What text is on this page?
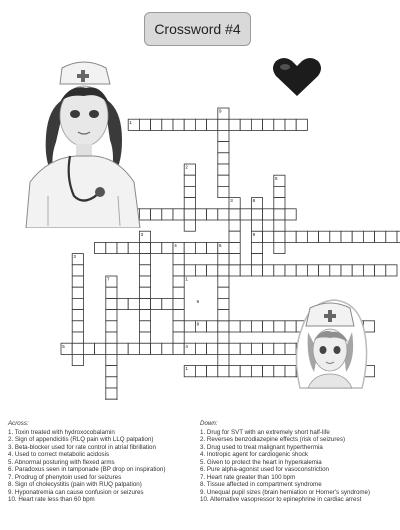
Crossword #4
9
1
2
5
3	8
3	9
4	6
3
7	1
6
8
5	4
1
Across:
1. Toxin treated with hydroxocobalamin
2. Sign of appendicitis (RLQ pain with LLQ palpation)
3. Beta-blocker used for rate control in atrial fibrillation
4. Used to correct metabolic acidosis
5. Abnormal posturing with flexed arms
6. Paradoxus seen in tamponade (BP drop on inspiration)
7. Prodrug of phenytoin used for seizures
8. Sign of cholecystitis (pain with RUQ palpation)
9. Hyponatremia can cause confusion or seizures
10. Heart rate less than 60 bpm
Down:
1. Drug for SVT with an extremely short half-life
2. Reverses benzodiazepine effects (risk of seizures)
3. Drug used to treat malignant hyperthermia
4. Inotropic agent for cardiogenic shock
5. Given to protect the heart in hyperkalemia
6. Pure alpha-agonist used for vasoconstriction
7. Heart rate greater than 100 bpm
8. Tissue affected in compartment syndrome
9. Unequal pupil sizes (brain herniation or Horner's syndrome)
10. Alternative vasopressor to epinephrine in cardiac arrest
